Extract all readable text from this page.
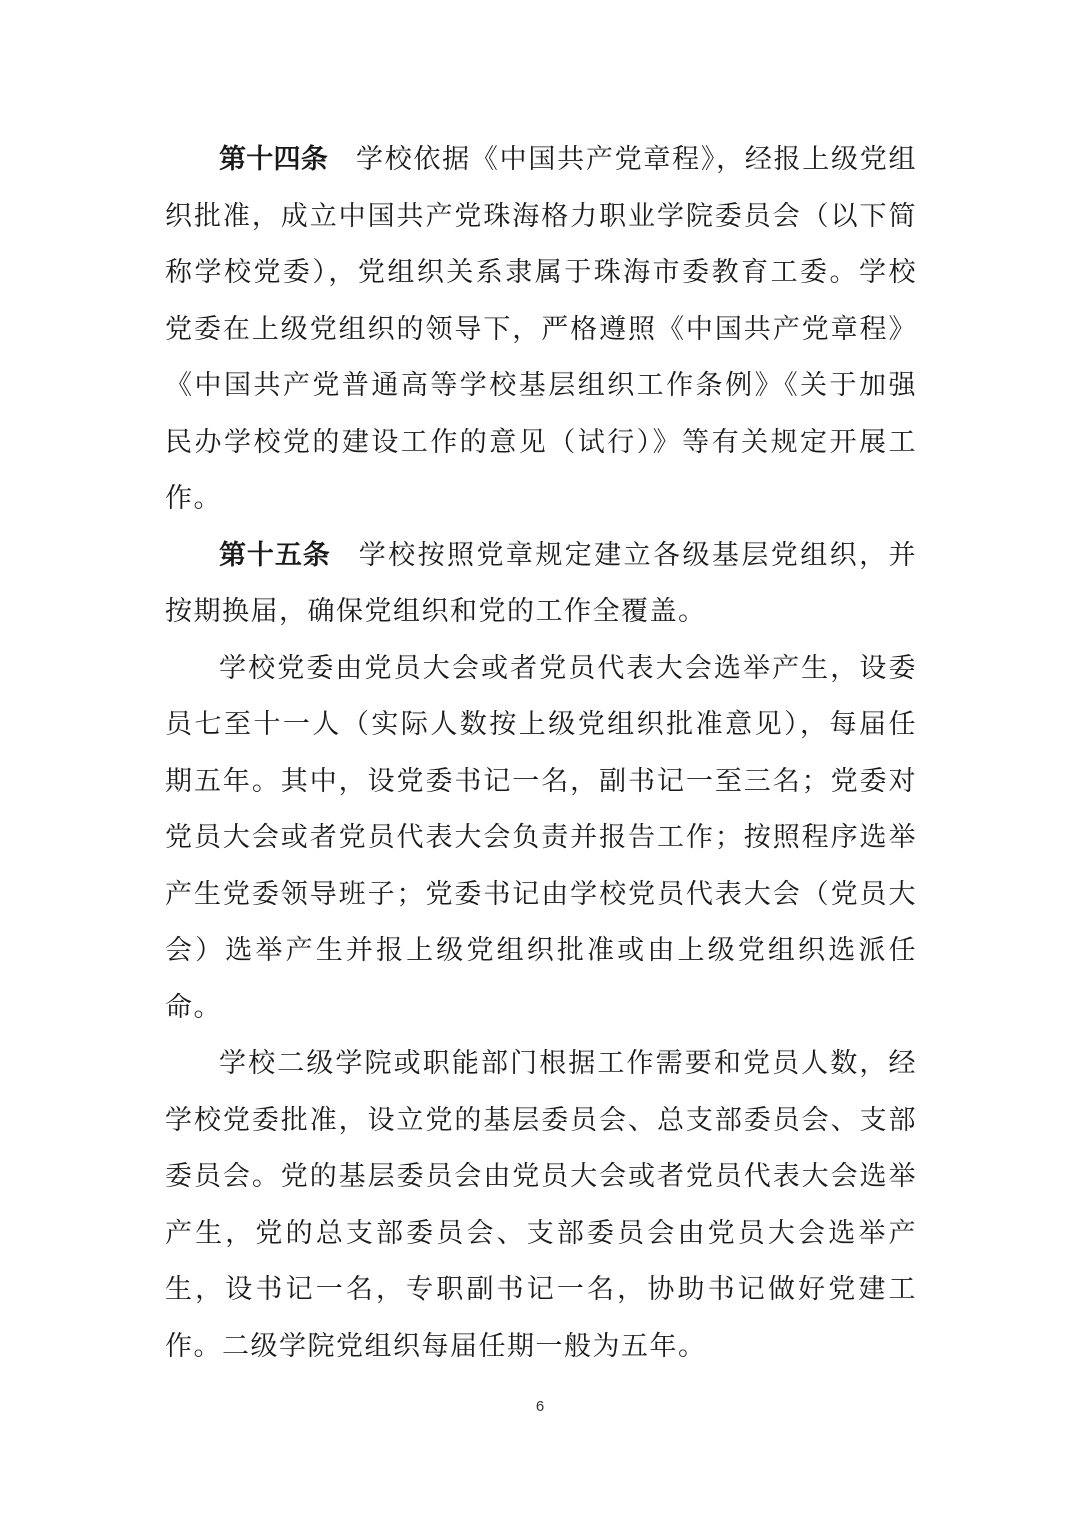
第十四条 学校依据《中国共产党章程》，经报上级党组织批准，成立中国共产党珠海格力职业学院委员会（以下简称学校党委），党组织关系隶属于珠海市委教育工委。学校党委在上级党组织的领导下，严格遵照《中国共产党章程》《中国共产党普通高等学校基层组织工作条例》《关于加强民办学校党的建设工作的意见（试行）》等有关规定开展工作。

第十五条 学校按照党章规定建立各级基层党组织，并按期换届，确保党组织和党的工作全覆盖。

学校党委由党员大会或者党员代表大会选举产生，设委员七至十一人（实际人数按上级党组织批准意见），每届任期五年。其中，设党委书记一名，副书记一至三名；党委对党员大会或者党员代表大会负责并报告工作；按照程序选举产生党委领导班子；党委书记由学校党员代表大会（党员大会）选举产生并报上级党组织批准或由上级党组织选派任命。

学校二级学院或职能部门根据工作需要和党员人数，经学校党委批准，设立党的基层委员会、总支部委员会、支部委员会。党的基层委员会由党员大会或者党员代表大会选举产生，党的总支部委员会、支部委员会由党员大会选举产生，设书记一名，专职副书记一名，协助书记做好党建工作。二级学院党组织每届任期一般为五年。

6
